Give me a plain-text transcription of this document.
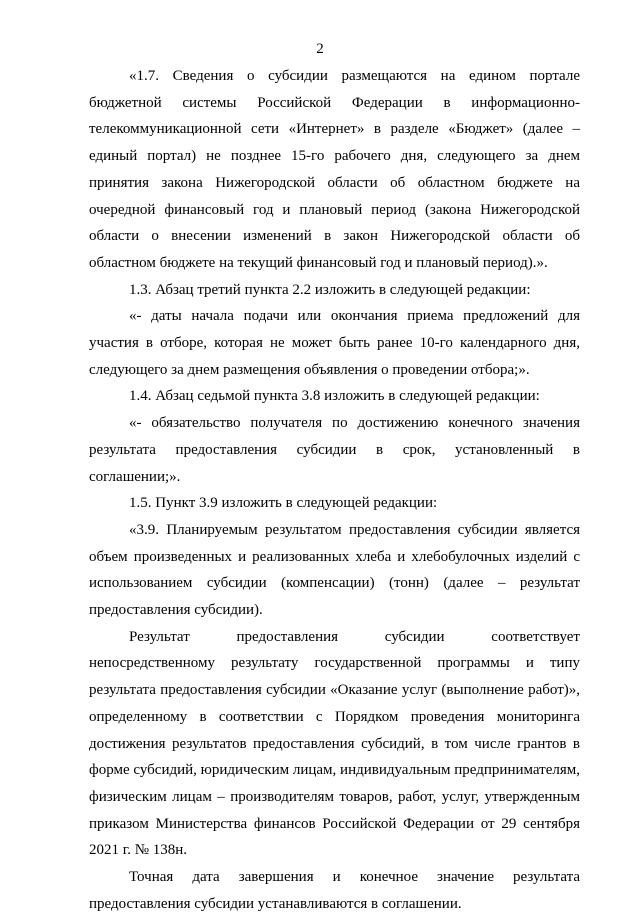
2

«1.7. Сведения о субсидии размещаются на едином портале бюджетной системы Российской Федерации в информационно-телекоммуникационной сети «Интернет» в разделе «Бюджет» (далее – единый портал) не позднее 15-го рабочего дня, следующего за днем принятия закона Нижегородской области об областном бюджете на очередной финансовый год и плановый период (закона Нижегородской области о внесении изменений в закон Нижегородской области об областном бюджете на текущий финансовый год и плановый период).».

1.3. Абзац третий пункта 2.2 изложить в следующей редакции:

«- даты начала подачи или окончания приема предложений для участия в отборе, которая не может быть ранее 10-го календарного дня, следующего за днем размещения объявления о проведении отбора;».

1.4. Абзац седьмой пункта 3.8 изложить в следующей редакции:

«- обязательство получателя по достижению конечного значения результата предоставления субсидии в срок, установленный в соглашении;».

1.5. Пункт 3.9 изложить в следующей редакции:

«3.9. Планируемым результатом предоставления субсидии является объем произведенных и реализованных хлеба и хлебобулочных изделий с использованием субсидии (компенсации) (тонн) (далее – результат предоставления субсидии).

Результат предоставления субсидии соответствует непосредственному результату государственной программы и типу результата предоставления субсидии «Оказание услуг (выполнение работ)», определенному в соответствии с Порядком проведения мониторинга достижения результатов предоставления субсидий, в том числе грантов в форме субсидий, юридическим лицам, индивидуальным предпринимателям, физическим лицам – производителям товаров, работ, услуг, утвержденным приказом Министерства финансов Российской Федерации от 29 сентября 2021 г. № 138н.

Точная дата завершения и конечное значение результата предоставления субсидии устанавливаются в соглашении.
